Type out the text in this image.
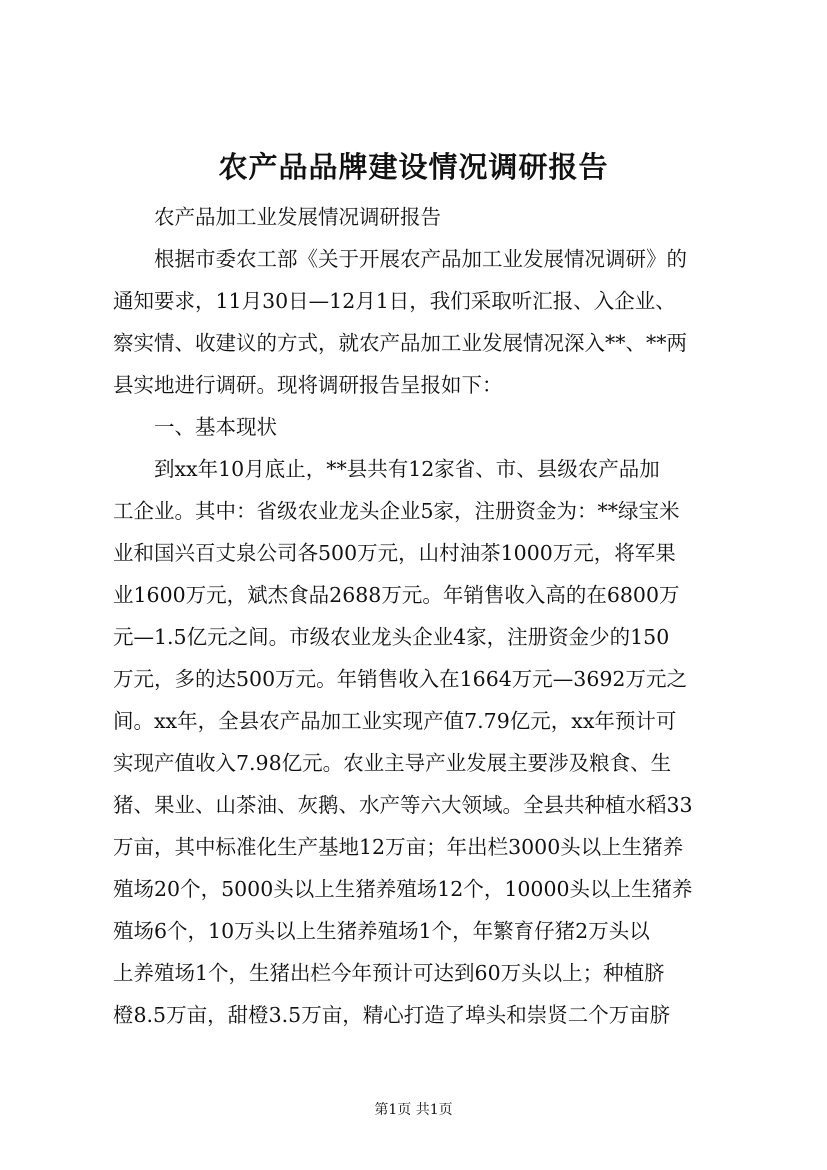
农产品品牌建设情况调研报告

农产品加工业发展情况调研报告

根据市委农工部《关于开展农产品加工业发展情况调研》的

通知要求，11月30日—12月1日，我们采取听汇报、入企业、

察实情、收建议的方式，就农产品加工业发展情况深入**、**两

县实地进行调研。现将调研报告呈报如下：

一、基本现状

到xx年10月底止，**县共有12家省、市、县级农产品加

工企业。其中：省级农业龙头企业5家，注册资金为：**绿宝米

业和国兴百丈泉公司各500万元，山村油茶1000万元，将军果

业1600万元，斌杰食品2688万元。年销售收入高的在6800万

元—1.5亿元之间。市级农业龙头企业4家，注册资金少的150

万元，多的达500万元。年销售收入在1664万元—3692万元之

间。xx年，全县农产品加工业实现产值7.79亿元，xx年预计可

实现产值收入7.98亿元。农业主导产业发展主要涉及粮食、生

猪、果业、山茶油、灰鹅、水产等六大领域。全县共种植水稻33

万亩，其中标准化生产基地12万亩；年出栏3000头以上生猪养

殖场20个，5000头以上生猪养殖场12个，10000头以上生猪养

殖场6个，10万头以上生猪养殖场1个，年繁育仔猪2万头以

上养殖场1个，生猪出栏今年预计可达到60万头以上；种植脐

橙8.5万亩，甜橙3.5万亩，精心打造了埠头和崇贤二个万亩脐

第1页 共1页
